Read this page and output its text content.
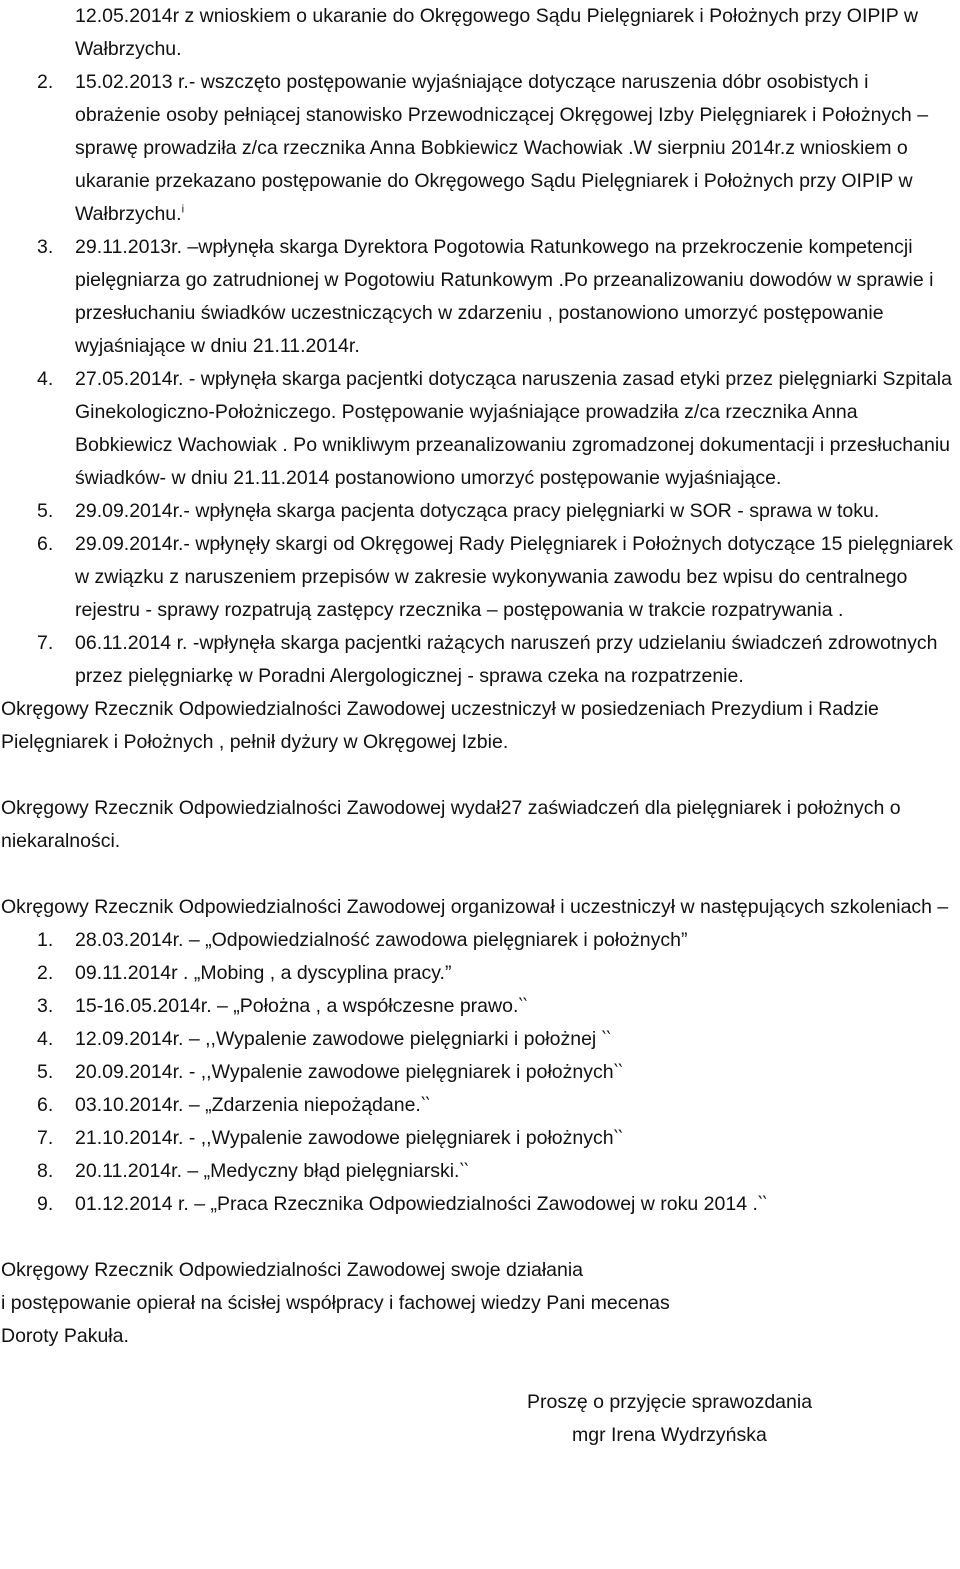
12.05.2014r z wnioskiem o ukaranie do Okręgowego Sądu Pielęgniarek i Położnych przy OIPIP w Wałbrzychu.
2.	15.02.2013 r.- wszczęto postępowanie wyjaśniające dotyczące naruszenia dóbr osobistych i obrażenie osoby pełniącej stanowisko Przewodniczącej Okręgowej Izby Pielęgniarek i Położnych – sprawę prowadziła z/ca rzecznika Anna Bobkiewicz Wachowiak .W sierpniu 2014r.z wnioskiem o ukaranie przekazano postępowanie do Okręgowego Sądu Pielęgniarek i Położnych przy OIPIP w Wałbrzychu.$^i$
3.	29.11.2013r. –wpłynęła skarga Dyrektora Pogotowia Ratunkowego na przekroczenie kompetencji pielęgniarza go zatrudnionej w Pogotowiu Ratunkowym .Po przeanalizowaniu dowodów w sprawie i przesłuchaniu świadków uczestniczących w zdarzeniu , postanowiono umorzyć postępowanie wyjaśniające w dniu 21.11.2014r.
4.	27.05.2014r. - wpłynęła skarga pacjentki dotycząca naruszenia zasad etyki przez pielęgniarki Szpitala Ginekologiczno-Położniczego. Postępowanie wyjaśniające prowadziła z/ca rzecznika Anna Bobkiewicz Wachowiak . Po wnikliwym przeanalizowaniu zgromadzonej dokumentacji i przesłuchaniu świadków- w dniu 21.11.2014 postanowiono umorzyć postępowanie wyjaśniające.
5.	29.09.2014r.- wpłynęła skarga pacjenta dotycząca pracy pielęgniarki w SOR - sprawa w toku.
6.	29.09.2014r.- wpłynęły skargi od Okręgowej Rady Pielęgniarek i Położnych dotyczące 15 pielęgniarek w związku z naruszeniem przepisów w zakresie wykonywania zawodu bez wpisu do centralnego rejestru - sprawy rozpatrują zastępcy rzecznika – postępowania w trakcie rozpatrywania .
7.	06.11.2014 r. -wpłynęła skarga pacjentki rażących naruszeń przy udzielaniu świadczeń zdrowotnych przez pielęgniarkę w Poradni Alergologicznej - sprawa czeka na rozpatrzenie.

Okręgowy Rzecznik Odpowiedzialności Zawodowej uczestniczył w posiedzeniach Prezydium i Radzie Pielęgniarek i Położnych , pełnił dyżury w Okręgowej Izbie.

Okręgowy Rzecznik Odpowiedzialności Zawodowej wydał27 zaświadczeń dla pielęgniarek i położnych o niekaralności.

Okręgowy Rzecznik Odpowiedzialności Zawodowej organizował i uczestniczył w następujących szkoleniach –

1.	28.03.2014r. – „Odpowiedzialność zawodowa pielęgniarek i położnych”
2.	09.11.2014r . „Mobing , a dyscyplina pracy.”
3.	15-16.05.2014r. – „Położna , a współczesne prawo.‵‵
4.	12.09.2014r. – ,,Wypalenie zawodowe pielęgniarki i położnej ‵‵
5.	20.09.2014r. - ,,Wypalenie zawodowe pielęgniarek i położnych‵‵
6.	03.10.2014r. – „Zdarzenia niepożądane.‵‵
7.	21.10.2014r. - ,,Wypalenie zawodowe pielęgniarek i położnych‵‵
8.	20.11.2014r. – „Medyczny błąd pielęgniarski.‵‵
9.	01.12.2014 r. – „Praca Rzecznika Odpowiedzialności Zawodowej w roku 2014 .‵‵

Okręgowy Rzecznik Odpowiedzialności Zawodowej swoje działania

i postępowanie opierał na ścisłej współpracy i fachowej wiedzy Pani mecenas

Doroty Pakuła.

Proszę o przyjęcie sprawozdania

mgr Irena Wydrzyńska
